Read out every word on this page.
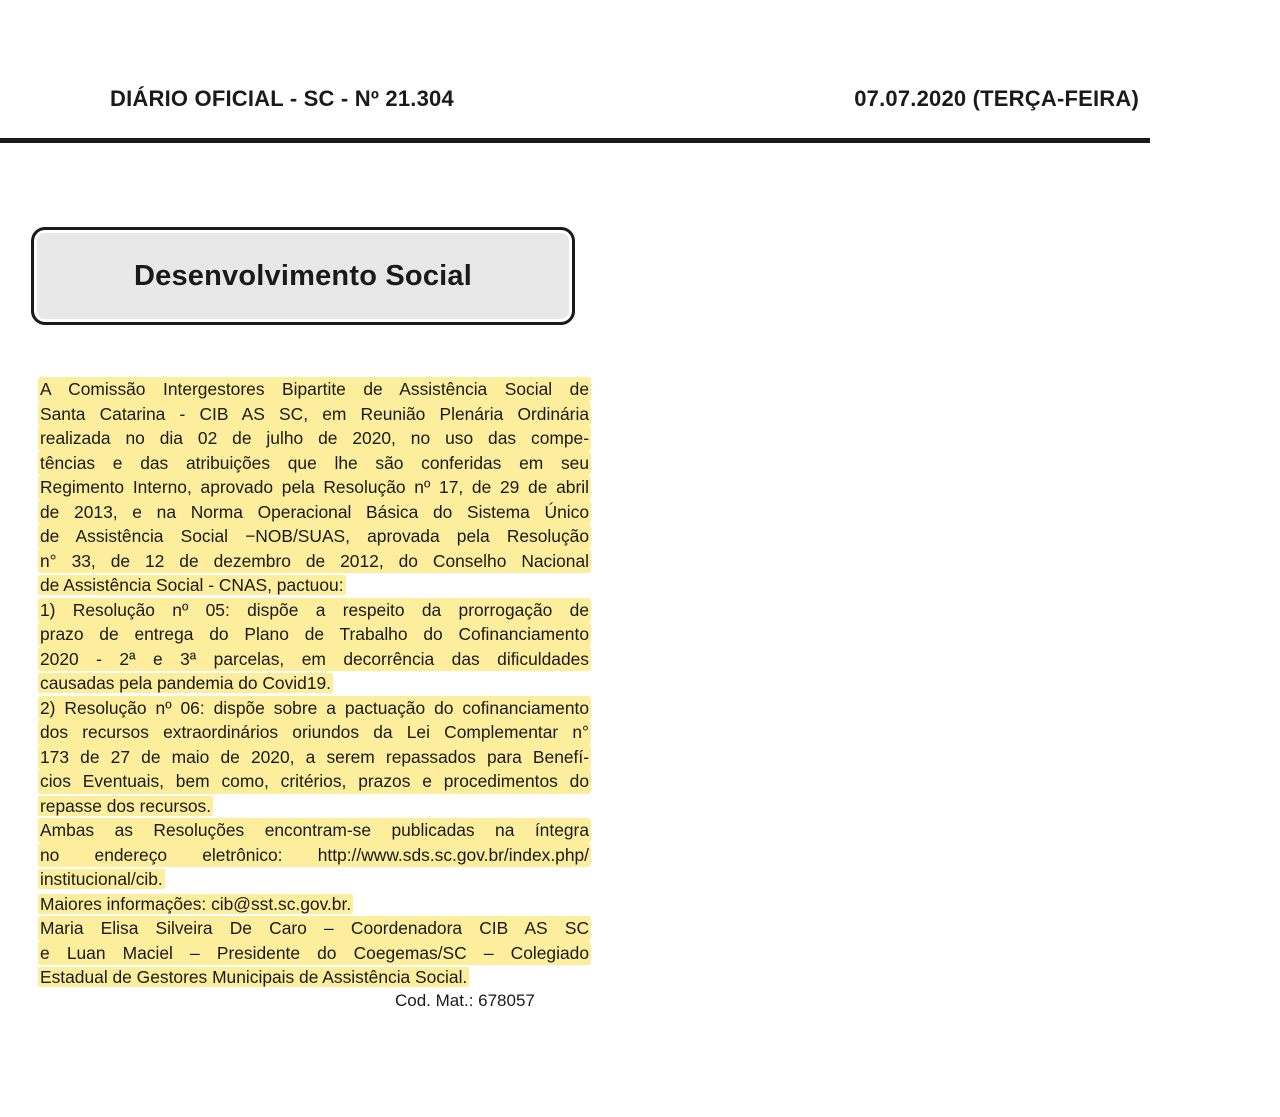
DIÁRIO OFICIAL - SC - Nº 21.304	07.07.2020 (TERÇA-FEIRA)
Desenvolvimento Social
A Comissão Intergestores Bipartite de Assistência Social de
Santa Catarina - CIB AS SC, em Reunião Plenária Ordinária
realizada no dia 02 de julho de 2020, no uso das compe-
tências e das atribuições que lhe são conferidas em seu
Regimento Interno, aprovado pela Resolução nº 17, de 29 de abril
de 2013, e na Norma Operacional Básica do Sistema Único
de Assistência Social −NOB/SUAS, aprovada pela Resolução
n° 33, de 12 de dezembro de 2012, do Conselho Nacional
de Assistência Social - CNAS, pactuou:
1) Resolução nº 05: dispõe a respeito da prorrogação de
prazo de entrega do Plano de Trabalho do Cofinanciamento
2020 - 2ª e 3ª parcelas, em decorrência das dificuldades
causadas pela pandemia do Covid19.
2) Resolução nº 06: dispõe sobre a pactuação do cofinanciamento
dos recursos extraordinários oriundos da Lei Complementar n°
173 de 27 de maio de 2020, a serem repassados para Benefí-
cios Eventuais, bem como, critérios, prazos e procedimentos do
repasse dos recursos.
Ambas as Resoluções encontram-se publicadas na íntegra
no endereço eletrônico: http://www.sds.sc.gov.br/index.php/
institucional/cib.
Maiores informações: cib@sst.sc.gov.br.
Maria Elisa Silveira De Caro – Coordenadora CIB AS SC
e Luan Maciel – Presidente do Coegemas/SC – Colegiado
Estadual de Gestores Municipais de Assistência Social.
Cod. Mat.: 678057
